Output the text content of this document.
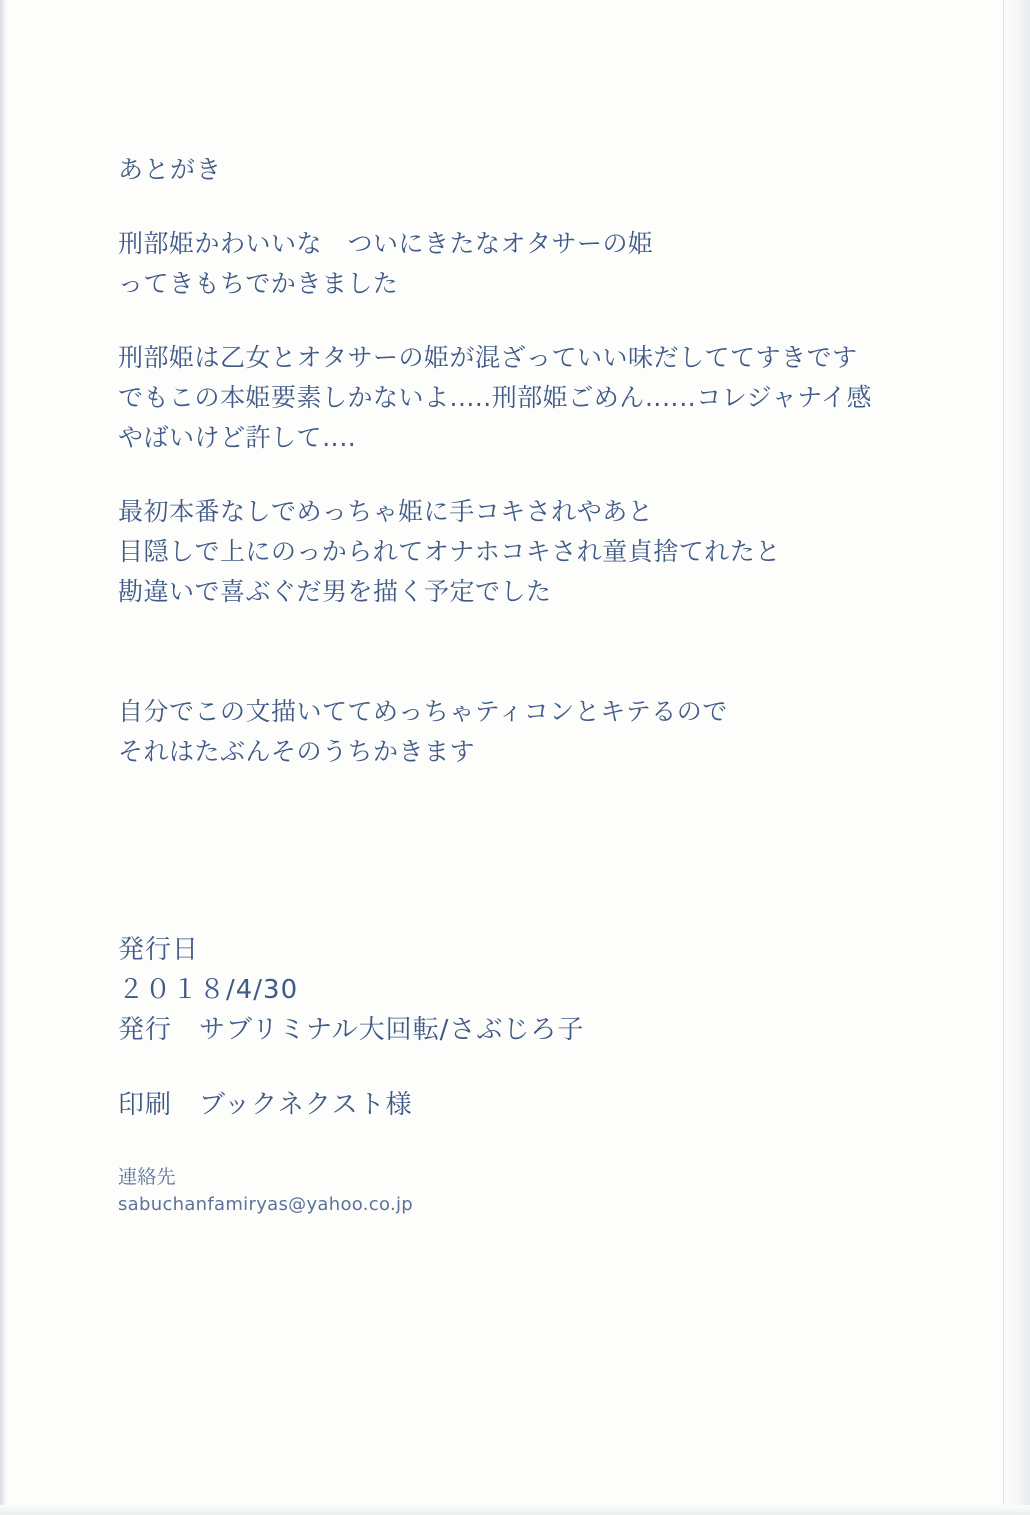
あとがき
刑部姫かわいいな　ついにきたなオタサーの姫
ってきもちでかきました
刑部姫は乙女とオタサーの姫が混ざっていい味だしててすきです
でもこの本姫要素しかないよ.....刑部姫ごめん‥‥‥コレジャナイ感
やばいけど許して‥‥
最初本番なしでめっちゃ姫に手コキされやあと
目隠しで上にのっかられてオナホコキされ童貞捨てれたと
勘違いで喜ぶぐだ男を描く予定でした
自分でこの文描いててめっちゃティコンとキテるので
それはたぶんそのうちかきます
発行日
２０１８/4/30
発行　サブリミナル大回転/さぶじろ子
印刷　ブックネクスト様
連絡先
sabuchanfamiryas@yahoo.co.jp
